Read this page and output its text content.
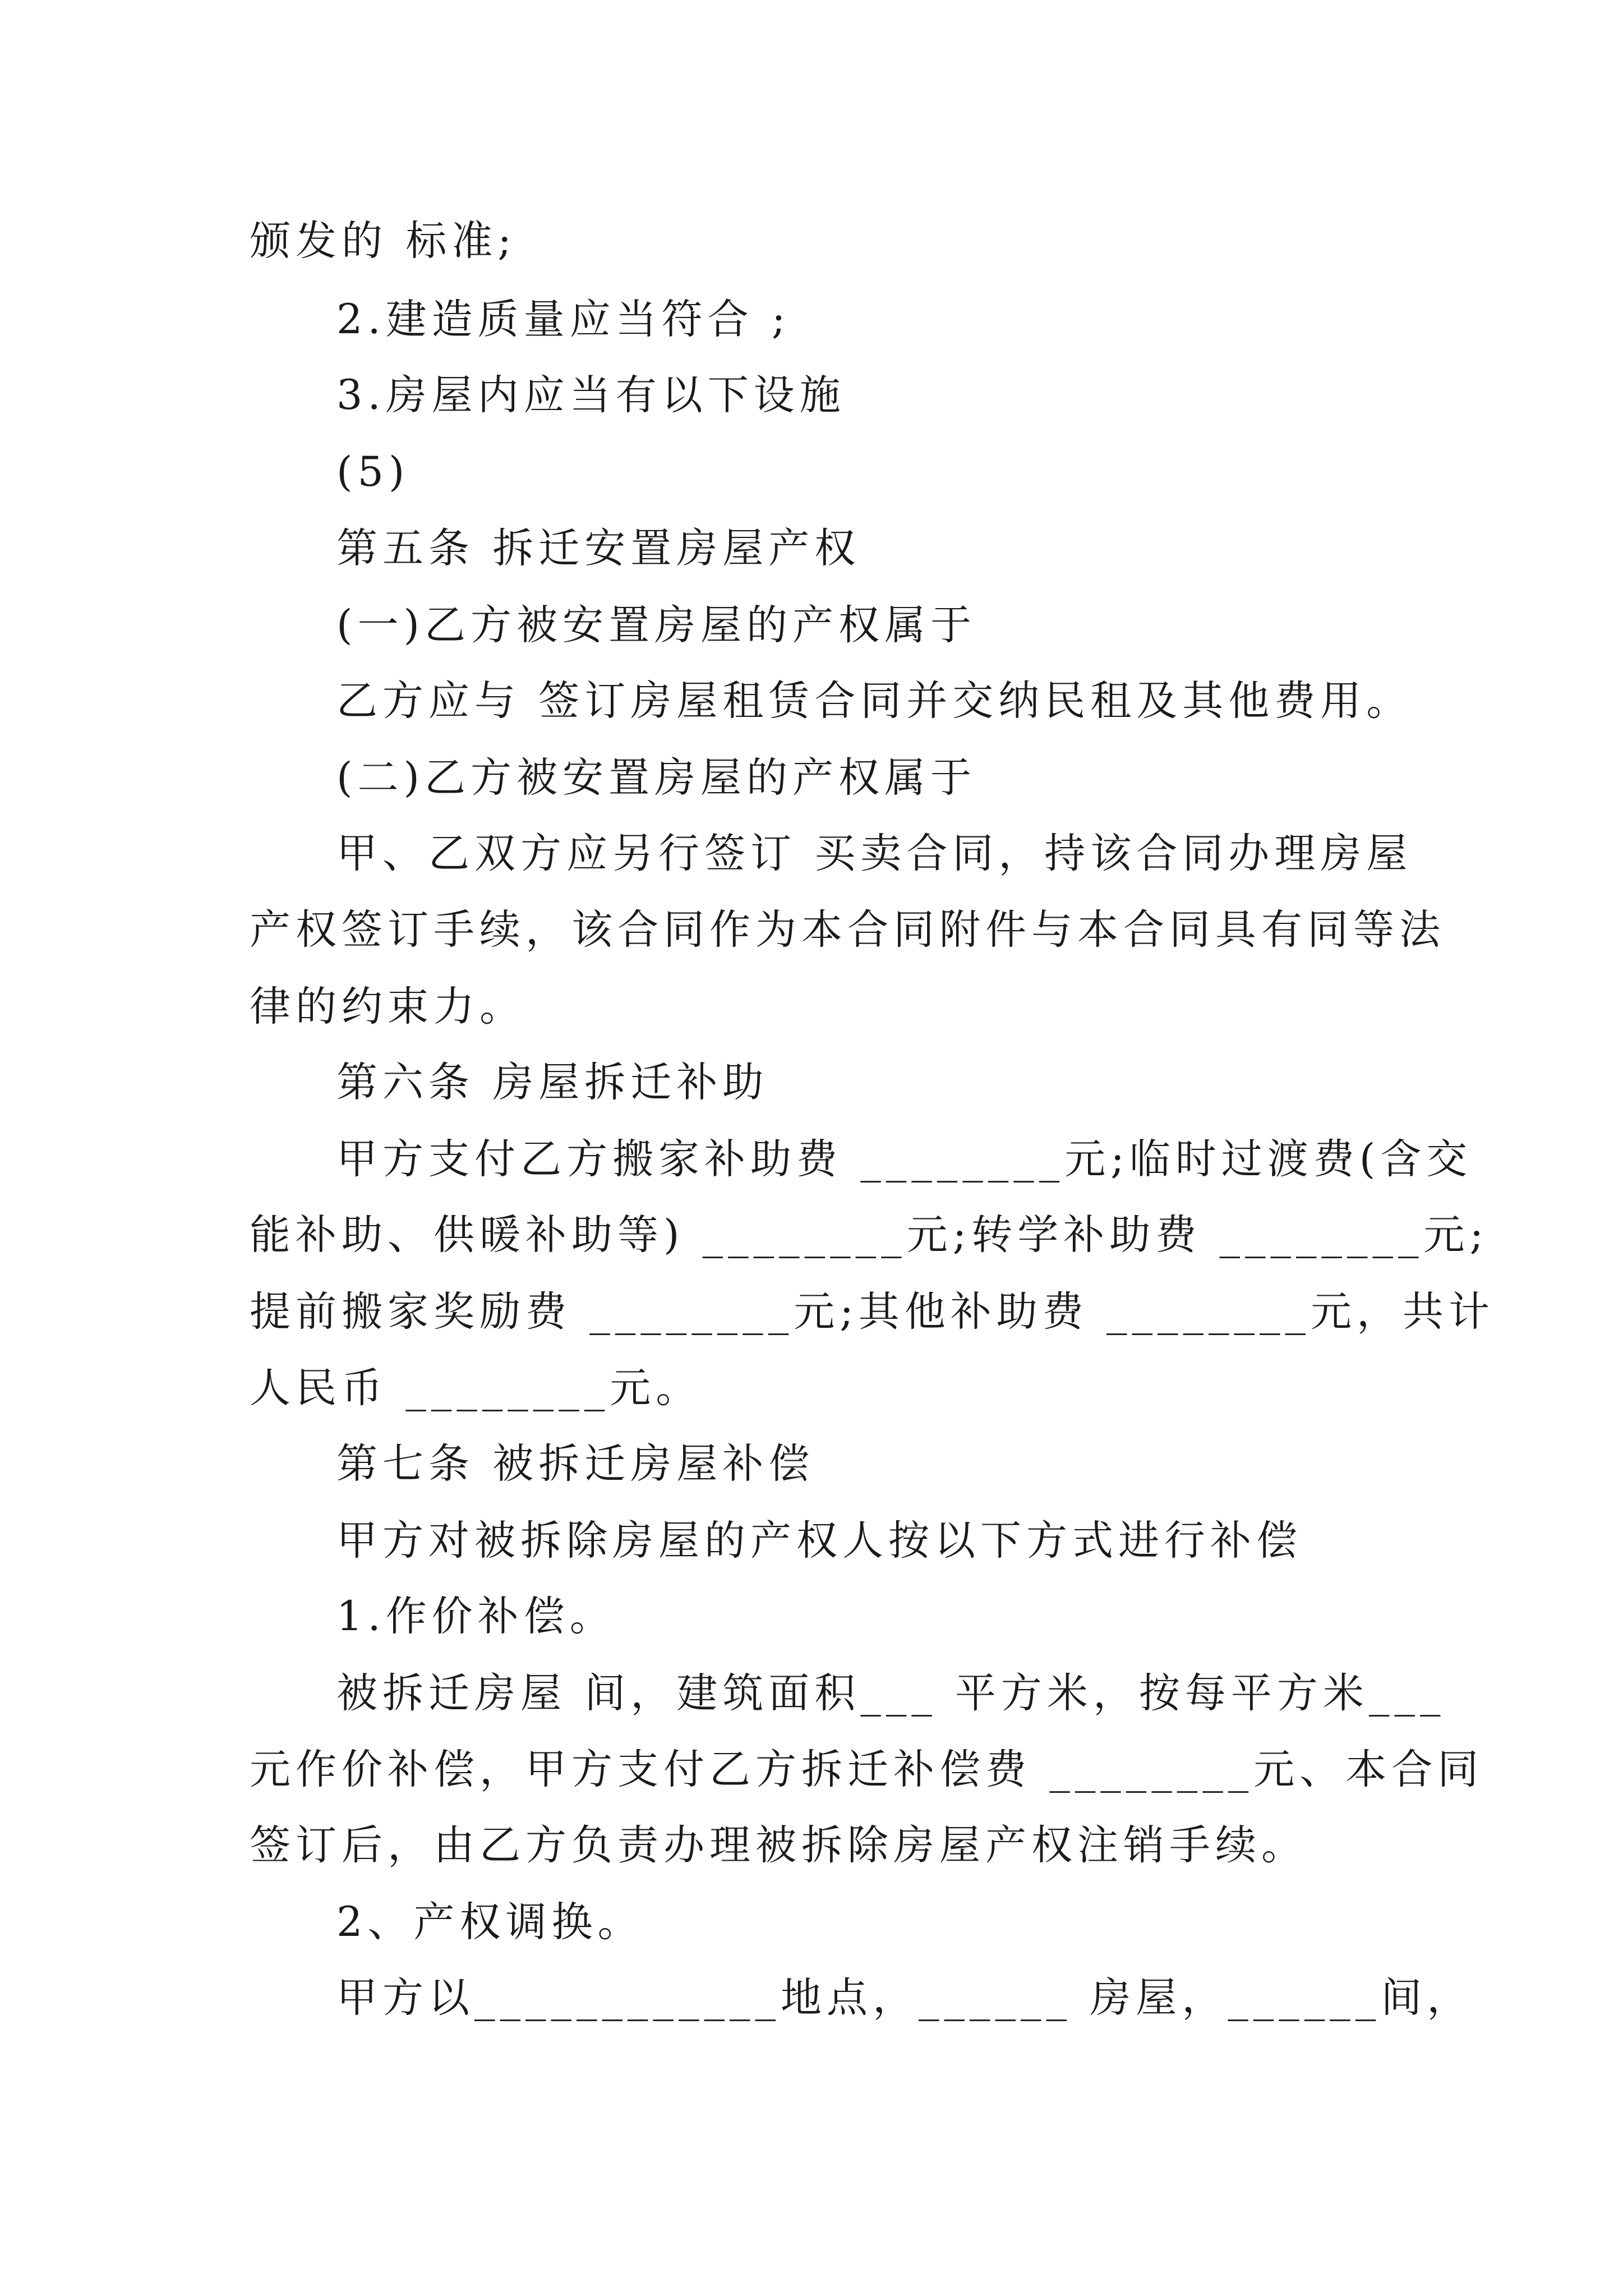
颁发的 标准;
2.建造质量应当符合 ;
3.房屋内应当有以下设施
(5)
第五条 拆迁安置房屋产权
(一)乙方被安置房屋的产权属于
乙方应与 签订房屋租赁合同并交纳民租及其他费用。
(二)乙方被安置房屋的产权属于
甲、乙双方应另行签订 买卖合同，持该合同办理房屋
产权签订手续，该合同作为本合同附件与本合同具有同等法
律的约束力。
第六条 房屋拆迁补助
甲方支付乙方搬家补助费 ________元;临时过渡费(含交
能补助、供暖补助等) ________元;转学补助费 ________元;
提前搬家奖励费 ________元;其他补助费 ________元，共计
人民币 ________元。
第七条 被拆迁房屋补偿
甲方对被拆除房屋的产权人按以下方式进行补偿
1.作价补偿。
被拆迁房屋 间，建筑面积___ 平方米，按每平方米___
元作价补偿，甲方支付乙方拆迁补偿费 ________元、本合同
签订后，由乙方负责办理被拆除房屋产权注销手续。
2、产权调换。
甲方以____________地点，______ 房屋，______间，
